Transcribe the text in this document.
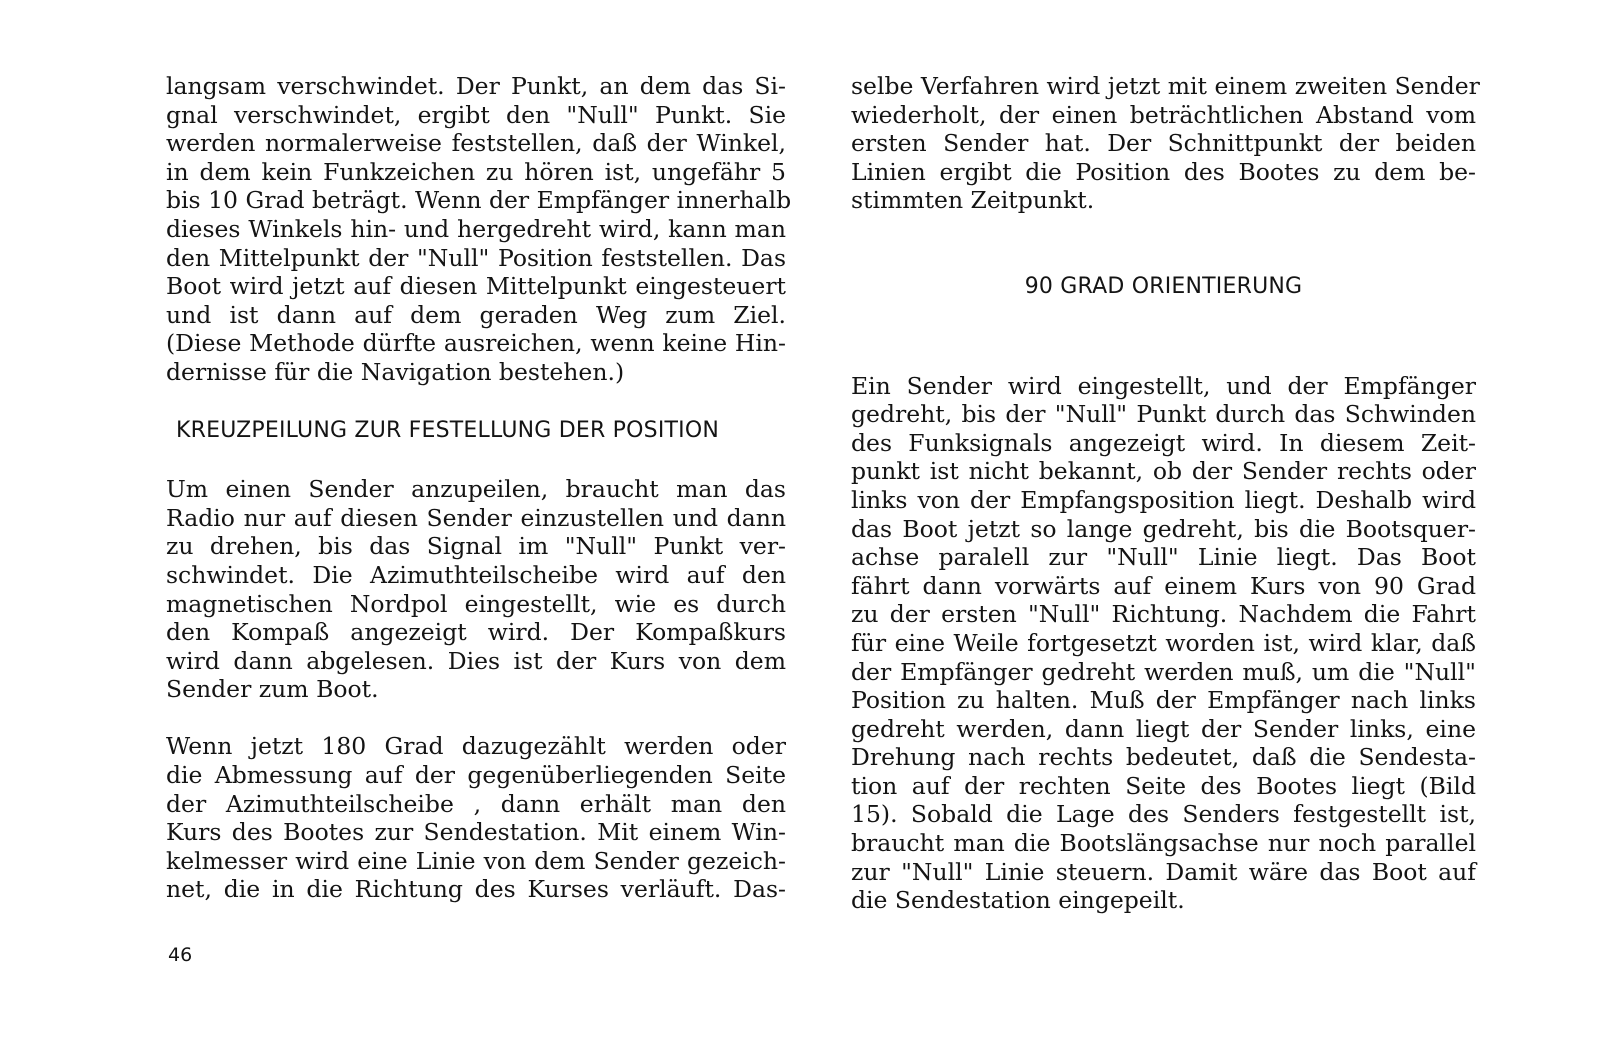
langsam verschwindet. Der Punkt, an dem das Si-
gnal verschwindet, ergibt den "Null" Punkt. Sie
werden normalerweise feststellen, daß der Winkel,
in dem kein Funkzeichen zu hören ist, ungefähr 5
bis 10 Grad beträgt. Wenn der Empfänger innerhalb
dieses Winkels hin- und hergedreht wird, kann man
den Mittelpunkt der "Null" Position feststellen. Das
Boot wird jetzt auf diesen Mittelpunkt eingesteuert
und ist dann auf dem geraden Weg zum Ziel.
(Diese Methode dürfte ausreichen, wenn keine Hin-
dernisse für die Navigation bestehen.)
KREUZPEILUNG ZUR FESTELLUNG DER POSITION
Um einen Sender anzupeilen, braucht man das
Radio nur auf diesen Sender einzustellen und dann
zu drehen, bis das Signal im "Null" Punkt ver-
schwindet. Die Azimuthteilscheibe wird auf den
magnetischen Nordpol eingestellt, wie es durch
den Kompaß angezeigt wird. Der Kompaßkurs
wird dann abgelesen. Dies ist der Kurs von dem
Sender zum Boot.
Wenn jetzt 180 Grad dazugezählt werden oder
die Abmessung auf der gegenüberliegenden Seite
der Azimuthteilscheibe , dann erhält man den
Kurs des Bootes zur Sendestation. Mit einem Win-
kelmesser wird eine Linie von dem Sender gezeich-
net, die in die Richtung des Kurses verläuft. Das-
selbe Verfahren wird jetzt mit einem zweiten Sender
wiederholt, der einen beträchtlichen Abstand vom
ersten Sender hat. Der Schnittpunkt der beiden
Linien ergibt die Position des Bootes zu dem be-
stimmten Zeitpunkt.
90 GRAD ORIENTIERUNG
Ein Sender wird eingestellt, und der Empfänger
gedreht, bis der "Null" Punkt durch das Schwinden
des Funksignals angezeigt wird. In diesem Zeit-
punkt ist nicht bekannt, ob der Sender rechts oder
links von der Empfangsposition liegt. Deshalb wird
das Boot jetzt so lange gedreht, bis die Bootsquer-
achse paralell zur "Null" Linie liegt. Das Boot
fährt dann vorwärts auf einem Kurs von 90 Grad
zu der ersten "Null" Richtung. Nachdem die Fahrt
für eine Weile fortgesetzt worden ist, wird klar, daß
der Empfänger gedreht werden muß, um die "Null"
Position zu halten. Muß der Empfänger nach links
gedreht werden, dann liegt der Sender links, eine
Drehung nach rechts bedeutet, daß die Sendesta-
tion auf der rechten Seite des Bootes liegt (Bild
15). Sobald die Lage des Senders festgestellt ist,
braucht man die Bootslängsachse nur noch parallel
zur "Null" Linie steuern. Damit wäre das Boot auf
die Sendestation eingepeilt.
46
